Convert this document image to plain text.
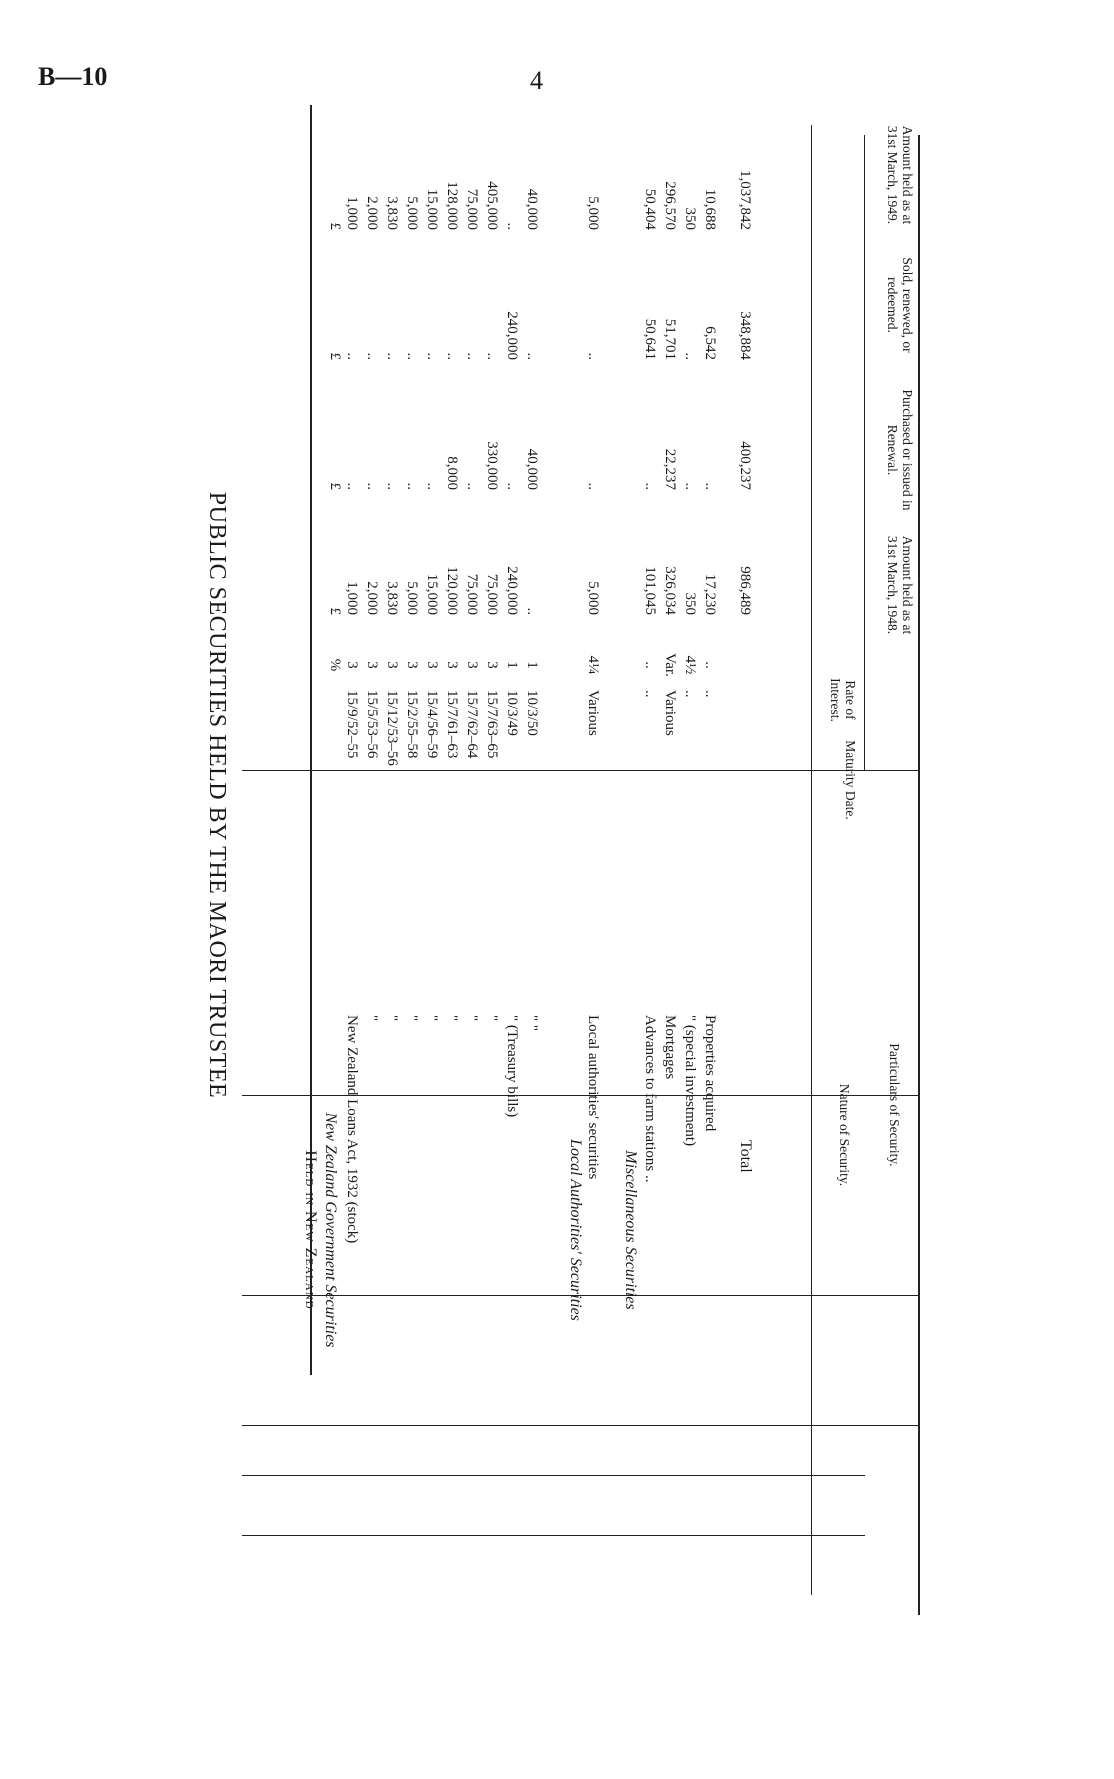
B—10	4
PUBLIC SECURITIES HELD BY THE MAORI TRUSTEE
Amount held as at 31st March, 1949.
Sold, renewed, or redeemed.
Purchased or issued in Renewal.
Amount held as at 31st March, 1948.
Particulars of Security.
Rate of Interest.
Maturity Date.
Nature of Security.
%
£
£
£
£
Held in New Zealand New Zealand Government Securities New Zealand Loans Act, 1932 (stock)
15/9/52–55
3
1,000
..
..
1,000
"
15/5/53–56
3
2,000
..
..
2,000
"
15/12/53–56
3
3,830
..
..
3,830
"
15/2/55–58
3
5,000
..
..
5,000
"
15/4/56–59
3
15,000
..
..
15,000
"
15/7/61–63
3
120,000
8,000
..
128,000
"
15/7/62–64
3
75,000
..
..
75,000
"
15/7/63–65
3
75,000
330,000
..
405,000
" (Treasury bills)
10/3/49
1
240,000
..
240,000
..
" "
10/3/50
1
..
40,000
..
40,000
Local Authorities' Securities
Local authorities' securities
Various
4¼
5,000
..
..
5,000
Miscellaneous Securities
Advances to farm stations ..
..
..
101,045
..
50,641
50,404
Mortgages
Various
Var.
326,034
22,237
51,701
296,570
" (special investment)
..
4½
350
..
..
350
Properties acquired
..
..
17,230
..
6,542
10,688
Total
986,489
400,237
348,884
1,037,842
